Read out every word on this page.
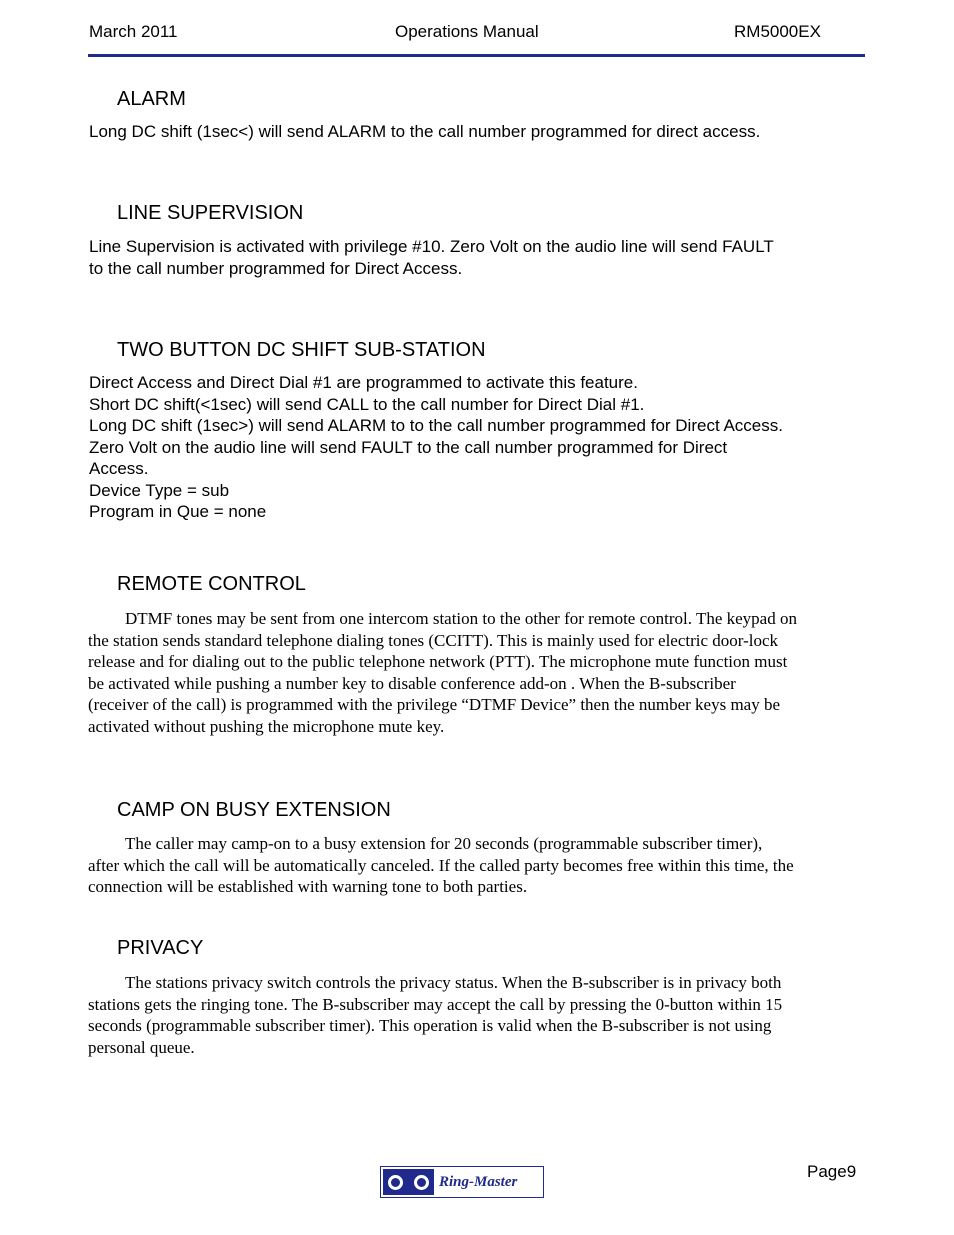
March 2011	Operations Manual	RM5000EX
ALARM
Long DC shift (1sec<) will send ALARM to the call number programmed for direct access.
LINE SUPERVISION
Line Supervision is activated with privilege #10. Zero Volt on the audio line will send FAULT
to the call number programmed for Direct Access.
TWO BUTTON DC SHIFT SUB-STATION
Direct Access and Direct Dial #1 are programmed to activate this feature.
Short DC shift(<1sec) will send CALL to the call number for Direct Dial #1.
Long DC shift (1sec>) will send ALARM to to the call number programmed for Direct Access.
Zero Volt on the audio line will send FAULT to the call number programmed for Direct
Access.
Device Type = sub
Program in Que = none
REMOTE CONTROL
DTMF tones may be sent from one intercom station to the other for remote control. The keypad on
the station sends standard telephone dialing tones (CCITT). This is mainly used for electric door-lock
release and for dialing out to the public telephone network (PTT). The microphone mute function must
be activated while pushing a number key to disable conference add-on . When the B-subscriber
(receiver of the call) is programmed with the privilege “DTMF Device” then the number keys may be
activated without pushing the microphone mute key.
CAMP ON BUSY EXTENSION
The caller may camp-on to a busy extension for 20 seconds (programmable subscriber timer),
after which the call will be automatically canceled. If the called party becomes free within this time, the
connection will be established with warning tone to both parties.
PRIVACY
The stations privacy switch controls the privacy status. When the B-subscriber is in privacy both
stations gets the ringing tone. The B-subscriber may accept the call by pressing the 0-button within 15
seconds (programmable subscriber timer). This operation is valid when the B-subscriber is not using
personal queue.
Ring-Master
Page9
